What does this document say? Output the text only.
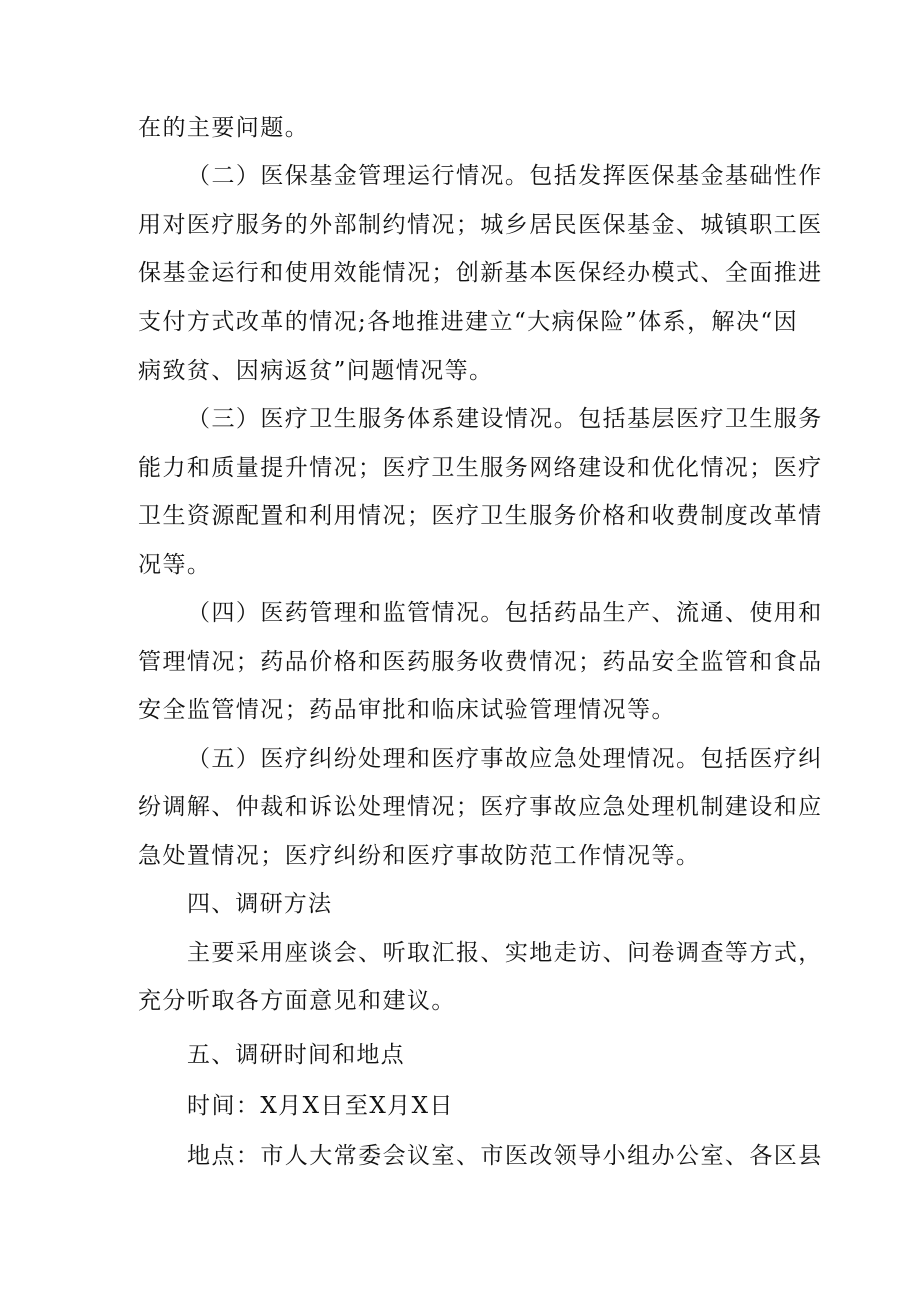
在的主要问题。
（二）医保基金管理运行情况。包括发挥医保基金基础性作
用对医疗服务的外部制约情况；城乡居民医保基金、城镇职工医
保基金运行和使用效能情况；创新基本医保经办模式、全面推进
支付方式改革的情况;各地推进建立“大病保险”体系，解决“因
病致贫、因病返贫”问题情况等。
（三）医疗卫生服务体系建设情况。包括基层医疗卫生服务
能力和质量提升情况；医疗卫生服务网络建设和优化情况；医疗
卫生资源配置和利用情况；医疗卫生服务价格和收费制度改革情
况等。
（四）医药管理和监管情况。包括药品生产、流通、使用和
管理情况；药品价格和医药服务收费情况；药品安全监管和食品
安全监管情况；药品审批和临床试验管理情况等。
（五）医疗纠纷处理和医疗事故应急处理情况。包括医疗纠
纷调解、仲裁和诉讼处理情况；医疗事故应急处理机制建设和应
急处置情况；医疗纠纷和医疗事故防范工作情况等。
四、调研方法
主要采用座谈会、听取汇报、实地走访、问卷调查等方式，
充分听取各方面意见和建议。
五、调研时间和地点
时间：X月X日至X月X日
地点：市人大常委会议室、市医改领导小组办公室、各区县
